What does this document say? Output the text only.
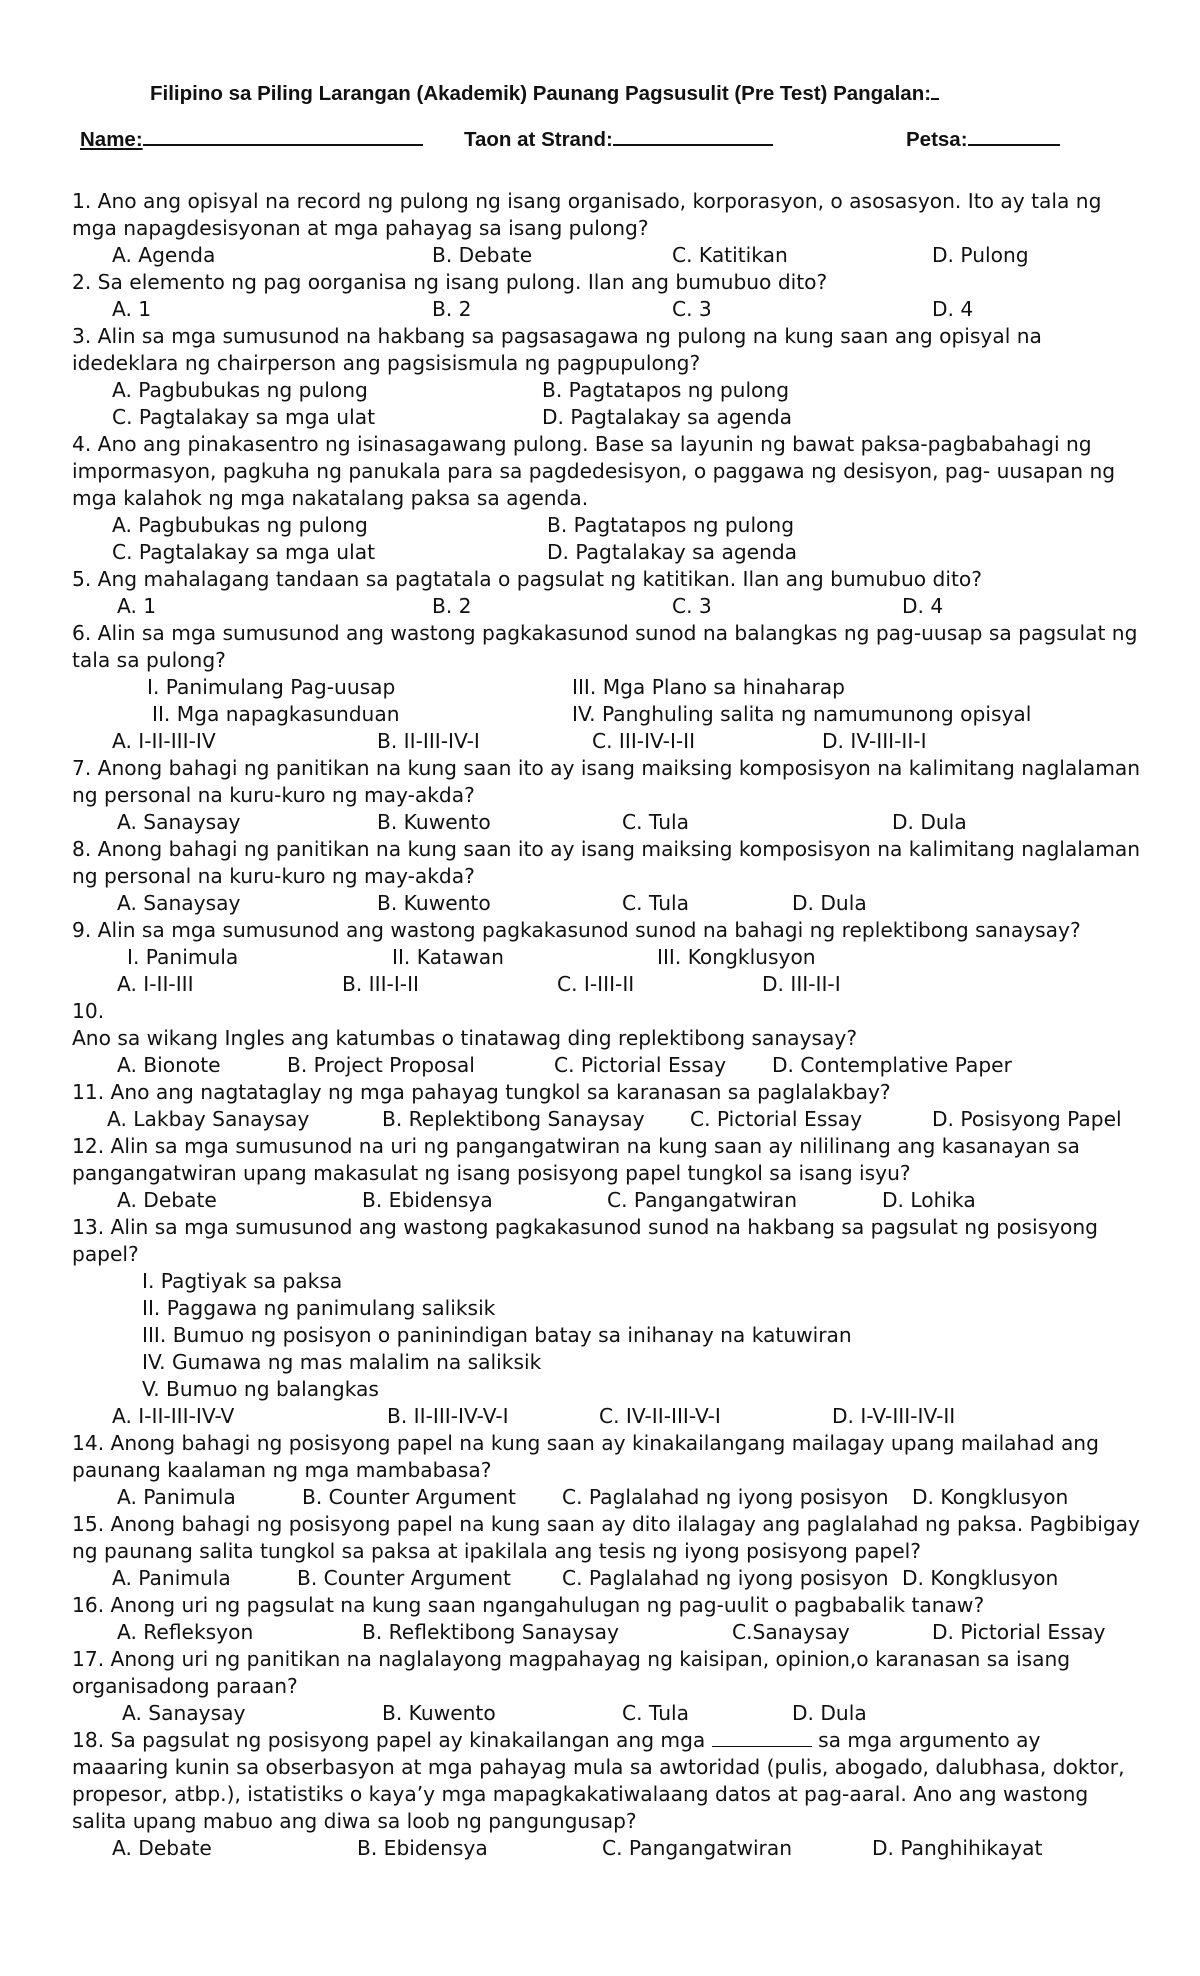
Filipino sa Piling Larangan (Akademik) Paunang Pagsusulit (Pre Test) Pangalan:
Name:	Taon at Strand:	Petsa:
1. Ano ang opisyal na record ng pulong ng isang organisado, korporasyon, o asosasyon. Ito ay tala ng mga napagdesisyonan at mga pahayag sa isang pulong?
A. Agenda	B. Debate	C. Katitikan	D. Pulong
2. Sa elemento ng pag oorganisa ng isang pulong. Ilan ang bumubuo dito?
A. 1	B. 2	C. 3	D. 4
3. Alin sa mga sumusunod na hakbang sa pagsasagawa ng pulong na kung saan ang opisyal na idedeklara ng chairperson ang pagsisismula ng pagpupulong?
A. Pagbubukas ng pulong	B. Pagtatapos ng pulong
C. Pagtalakay sa mga ulat	D. Pagtalakay sa agenda
4. Ano ang pinakasentro ng isinasagawang pulong. Base sa layunin ng bawat paksa-pagbabahagi ng impormasyon, pagkuha ng panukala para sa pagdedesisyon, o paggawa ng desisyon, pag- uusapan ng mga kalahok ng mga nakatalang paksa sa agenda.
A. Pagbubukas ng pulong	B. Pagtatapos ng pulong
C. Pagtalakay sa mga ulat	D. Pagtalakay sa agenda
5. Ang mahalagang tandaan sa pagtatala o pagsulat ng katitikan. Ilan ang bumubuo dito?
A. 1	B. 2	C. 3	D. 4
6. Alin sa mga sumusunod ang wastong pagkakasunod sunod na balangkas ng pag-uusap sa pagsulat ng tala sa pulong?
I. Panimulang Pag-uusap	III. Mga Plano sa hinaharap
II. Mga napagkasunduan	IV. Panghuling salita ng namumunong opisyal
A. I-II-III-IV	B. II-III-IV-I	C. III-IV-I-II	D. IV-III-II-I
7. Anong bahagi ng panitikan na kung saan ito ay isang maiksing komposisyon na kalimitang naglalaman ng personal na kuru-kuro ng may-akda?
A. Sanaysay	B. Kuwento	C. Tula	D. Dula
8. Anong bahagi ng panitikan na kung saan ito ay isang maiksing komposisyon na kalimitang naglalaman ng personal na kuru-kuro ng may-akda?
A. Sanaysay	B. Kuwento	C. Tula	D. Dula
9. Alin sa mga sumusunod ang wastong pagkakasunod sunod na bahagi ng replektibong sanaysay?
I. Panimula	II. Katawan	III. Kongklusyon
A. I-II-III	B. III-I-II	C. I-III-II	D. III-II-I
10.
Ano sa wikang Ingles ang katumbas o tinatawag ding replektibong sanaysay?
A. Bionote	B. Project Proposal	C. Pictorial Essay D. Contemplative Paper
11. Ano ang nagtataglay ng mga pahayag tungkol sa karanasan sa paglalakbay?
A. Lakbay Sanaysay	B. Replektibong Sanaysay C. Pictorial Essay	D. Posisyong Papel
12. Alin sa mga sumusunod na uri ng pangangatwiran na kung saan ay nililinang ang kasanayan sa pangangatwiran upang makasulat ng isang posisyong papel tungkol sa isang isyu?
A. Debate	B. Ebidensya	C. Pangangatwiran	D. Lohika
13. Alin sa mga sumusunod ang wastong pagkakasunod sunod na hakbang sa pagsulat ng posisyong papel?
I. Pagtiyak sa paksa
II. Paggawa ng panimulang saliksik
III. Bumuo ng posisyon o paninindigan batay sa inihanay na katuwiran
IV. Gumawa ng mas malalim na saliksik
V. Bumuo ng balangkas
A. I-II-III-IV-V	B. II-III-IV-V-I	C. IV-II-III-V-I	D. I-V-III-IV-II
14. Anong bahagi ng posisyong papel na kung saan ay kinakailangang mailagay upang mailahad ang paunang kaalaman ng mga mambabasa?
A. Panimula	B. Counter Argument C. Paglalahad ng iyong posisyon D. Kongklusyon
15. Anong bahagi ng posisyong papel na kung saan ay dito ilalagay ang paglalahad ng paksa. Pagbibigay ng paunang salita tungkol sa paksa at ipakilala ang tesis ng iyong posisyong papel?
A. Panimula	B. Counter Argument	C. Paglalahad ng iyong posisyon D. Kongklusyon
16. Anong uri ng pagsulat na kung saan ngangahulugan ng pag-uulit o pagbabalik tanaw?
A. Refleksyon	B. Reflektibong Sanaysay	C.Sanaysay	D. Pictorial Essay
17. Anong uri ng panitikan na naglalayong magpahayag ng kaisipan, opinion,o karanasan sa isang organisadong paraan?
A. Sanaysay	B. Kuwento	C. Tula	D. Dula
18. Sa pagsulat ng posisyong papel ay kinakailangan ang mga	sa mga argumento ay maaaring kunin sa obserbasyon at mga pahayag mula sa awtoridad (pulis, abogado, dalubhasa, doktor, propesor, atbp.), istatistiks o kaya’y mga mapagkakatiwalaang datos at pag-aaral. Ano ang wastong salita upang mabuo ang diwa sa loob ng pangungusap?
A. Debate	B. Ebidensya	C. Pangangatwiran	D. Panghihikayat
